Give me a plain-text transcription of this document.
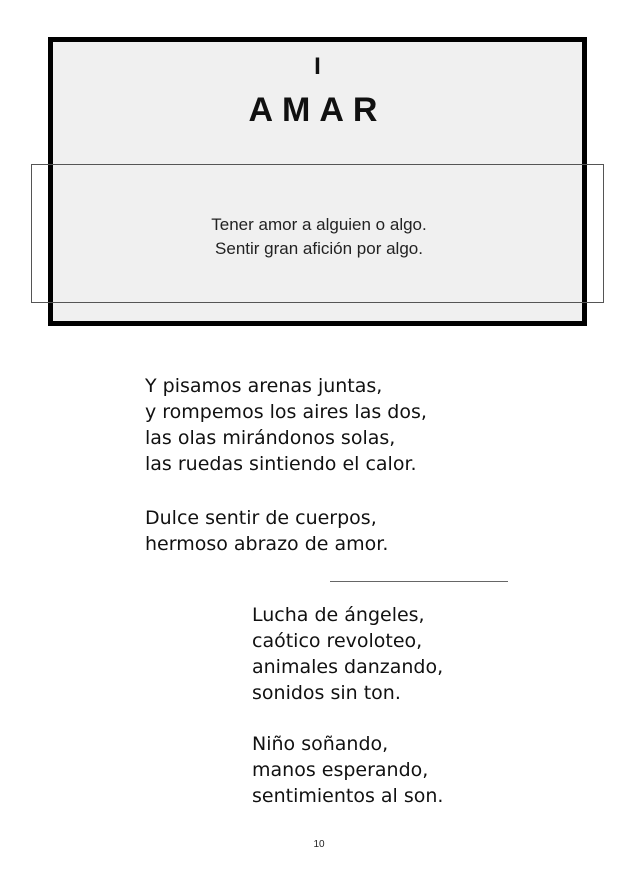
I
AMAR
Tener amor a alguien o algo.
Sentir gran afición por algo.
Y pisamos arenas juntas,
y rompemos los aires las dos,
las olas mirándonos solas,
las ruedas sintiendo el calor.
Dulce sentir de cuerpos,
hermoso abrazo de amor.
Lucha de ángeles,
caótico revoloteo,
animales danzando,
sonidos sin ton.
Niño soñando,
manos esperando,
sentimientos al son.
10
